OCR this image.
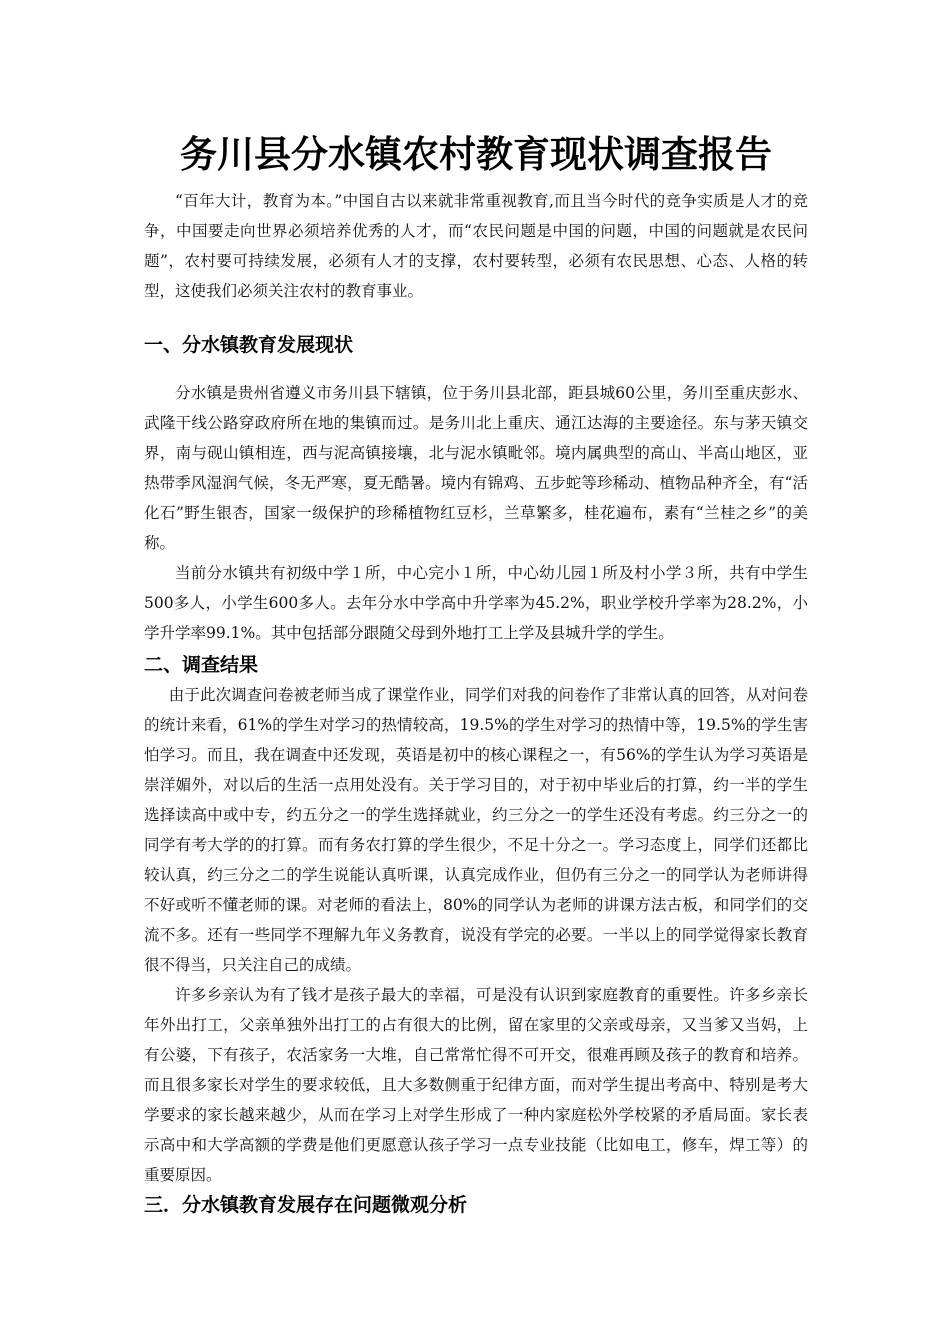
务川县分水镇农村教育现状调查报告

“百年大计，教育为本。”中国自古以来就非常重视教育,而且当今时代的竞争实质是人才的竞争，中国要走向世界必须培养优秀的人才，而“农民问题是中国的问题，中国的问题就是农民问题”，农村要可持续发展，必须有人才的支撑，农村要转型，必须有农民思想、心态、人格的转型，这使我们必须关注农村的教育事业。

一、分水镇教育发展现状

分水镇是贵州省遵义市务川县下辖镇，位于务川县北部，距县城60公里，务川至重庆彭水、武隆干线公路穿政府所在地的集镇而过。是务川北上重庆、通江达海的主要途径。东与茅天镇交界，南与砚山镇相连，西与泥高镇接壤，北与泥水镇毗邻。境内属典型的高山、半高山地区，亚热带季风湿润气候，冬无严寒，夏无酷暑。境内有锦鸡、五步蛇等珍稀动、植物品种齐全，有“活化石”野生银杏，国家一级保护的珍稀植物红豆杉，兰草繁多，桂花遍布，素有“兰桂之乡”的美称。

当前分水镇共有初级中学１所，中心完小１所，中心幼儿园１所及村小学３所，共有中学生500多人，小学生600多人。去年分水中学高中升学率为45.2%，职业学校升学率为28.2%，小学升学率99.1%。其中包括部分跟随父母到外地打工上学及县城升学的学生。

二、调查结果

由于此次调查问卷被老师当成了课堂作业，同学们对我的问卷作了非常认真的回答，从对问卷的统计来看，61%的学生对学习的热情较高，19.5%的学生对学习的热情中等，19.5%的学生害怕学习。而且，我在调查中还发现，英语是初中的核心课程之一，有56%的学生认为学习英语是崇洋媚外，对以后的生活一点用处没有。关于学习目的，对于初中毕业后的打算，约一半的学生选择读高中或中专，约五分之一的学生选择就业，约三分之一的学生还没有考虑。约三分之一的同学有考大学的的打算。而有务农打算的学生很少，不足十分之一。学习态度上，同学们还都比较认真，约三分之二的学生说能认真听课，认真完成作业，但仍有三分之一的同学认为老师讲得不好或听不懂老师的课。对老师的看法上，80%的同学认为老师的讲课方法古板，和同学们的交流不多。还有一些同学不理解九年义务教育，说没有学完的必要。一半以上的同学觉得家长教育很不得当，只关注自己的成绩。

许多乡亲认为有了钱才是孩子最大的幸福，可是没有认识到家庭教育的重要性。许多乡亲长年外出打工，父亲单独外出打工的占有很大的比例，留在家里的父亲或母亲，又当爹又当妈，上有公婆，下有孩子，农活家务一大堆，自己常常忙得不可开交，很难再顾及孩子的教育和培养。而且很多家长对学生的要求较低，且大多数侧重于纪律方面，而对学生提出考高中、特别是考大学要求的家长越来越少，从而在学习上对学生形成了一种内家庭松外学校紧的矛盾局面。家长表示高中和大学高额的学费是他们更愿意认孩子学习一点专业技能（比如电工，修车，焊工等）的重要原因。

三．分水镇教育发展存在问题微观分析
